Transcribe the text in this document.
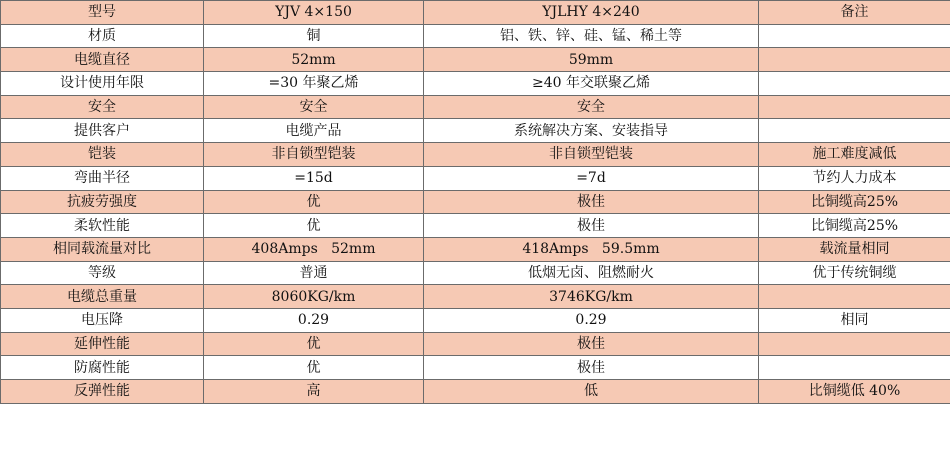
型号	YJV 4×150	YJLHY 4×240	备注
材质	铜	铝、铁、锌、硅、锰、稀土等	
电缆直径	52mm	59mm	
设计使用年限	=30 年聚乙烯	≥40 年交联聚乙烯	
安全	安全	安全	
提供客户	电缆产品	系统解决方案、安装指导	
铠装	非自锁型铠装	非自锁型铠装	施工难度减低
弯曲半径	=15d	=7d	节约人力成本
抗疲劳强度	优	极佳	比铜缆高25%
柔软性能	优	极佳	比铜缆高25%
相同载流量对比	408Amps   52mm	418Amps   59.5mm	载流量相同
等级	普通	低烟无卤、阻燃耐火	优于传统铜缆
电缆总重量	8060KG/km	3746KG/km	
电压降	0.29	0.29	相同
延伸性能	优	极佳	
防腐性能	优	极佳	
反弹性能	高	低	比铜缆低 40%
